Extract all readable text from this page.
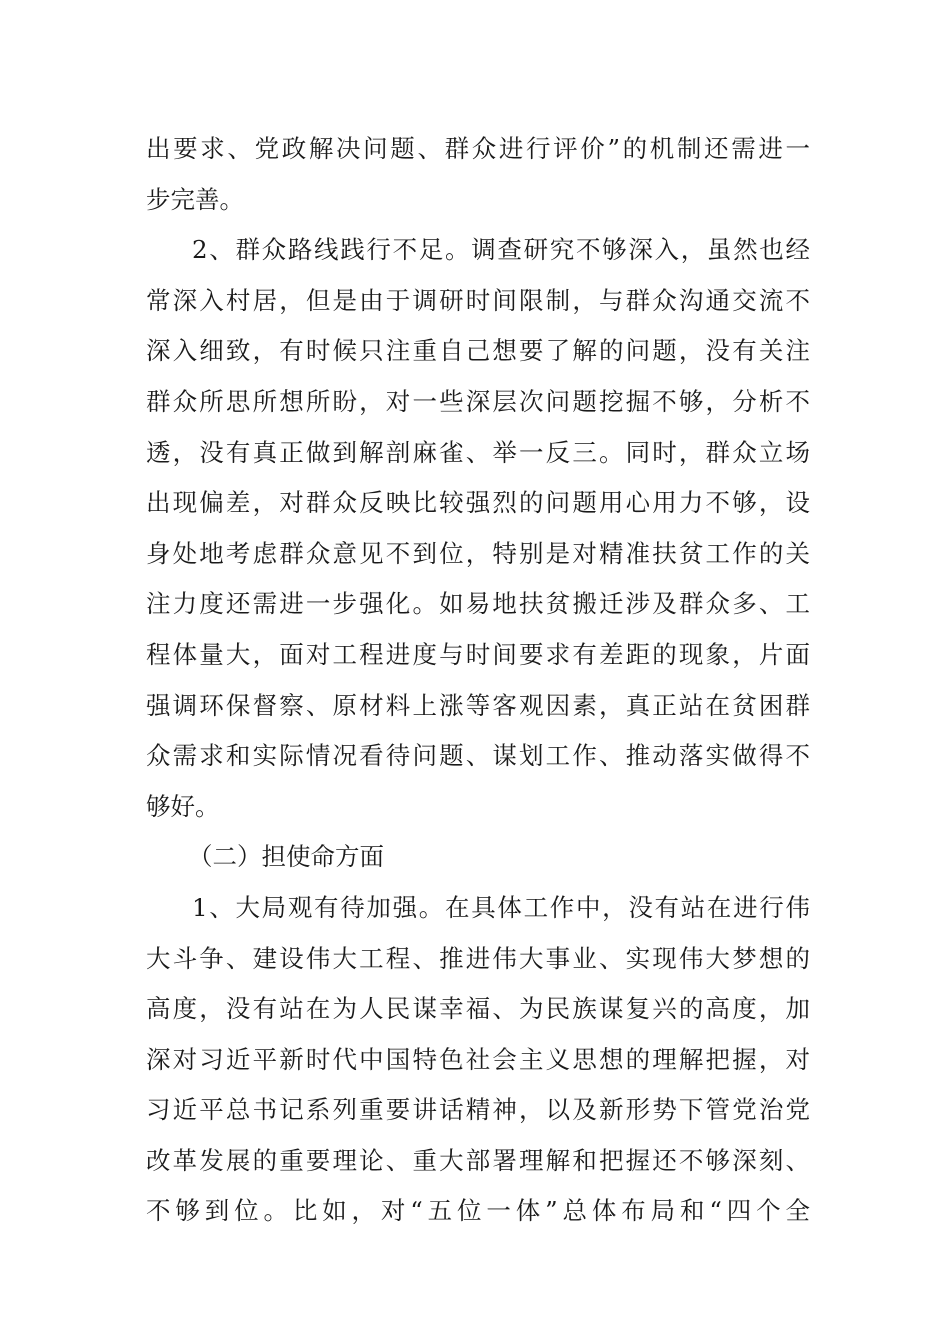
出要求、党政解决问题、群众进行评价”的机制还需进一
步完善。
2、群众路线践行不足。调查研究不够深入，虽然也经
常深入村居，但是由于调研时间限制，与群众沟通交流不
深入细致，有时候只注重自己想要了解的问题，没有关注
群众所思所想所盼，对一些深层次问题挖掘不够，分析不
透，没有真正做到解剖麻雀、举一反三。同时，群众立场
出现偏差，对群众反映比较强烈的问题用心用力不够，设
身处地考虑群众意见不到位，特别是对精准扶贫工作的关
注力度还需进一步强化。如易地扶贫搬迁涉及群众多、工
程体量大，面对工程进度与时间要求有差距的现象，片面
强调环保督察、原材料上涨等客观因素，真正站在贫困群
众需求和实际情况看待问题、谋划工作、推动落实做得不
够好。
（二）担使命方面
1、大局观有待加强。在具体工作中，没有站在进行伟
大斗争、建设伟大工程、推进伟大事业、实现伟大梦想的
高度，没有站在为人民谋幸福、为民族谋复兴的高度，加
深对习近平新时代中国特色社会主义思想的理解把握，对
习近平总书记系列重要讲话精神，以及新形势下管党治党
改革发展的重要理论、重大部署理解和把握还不够深刻、
不够到位。比如，对“五位一体”总体布局和“四个全
